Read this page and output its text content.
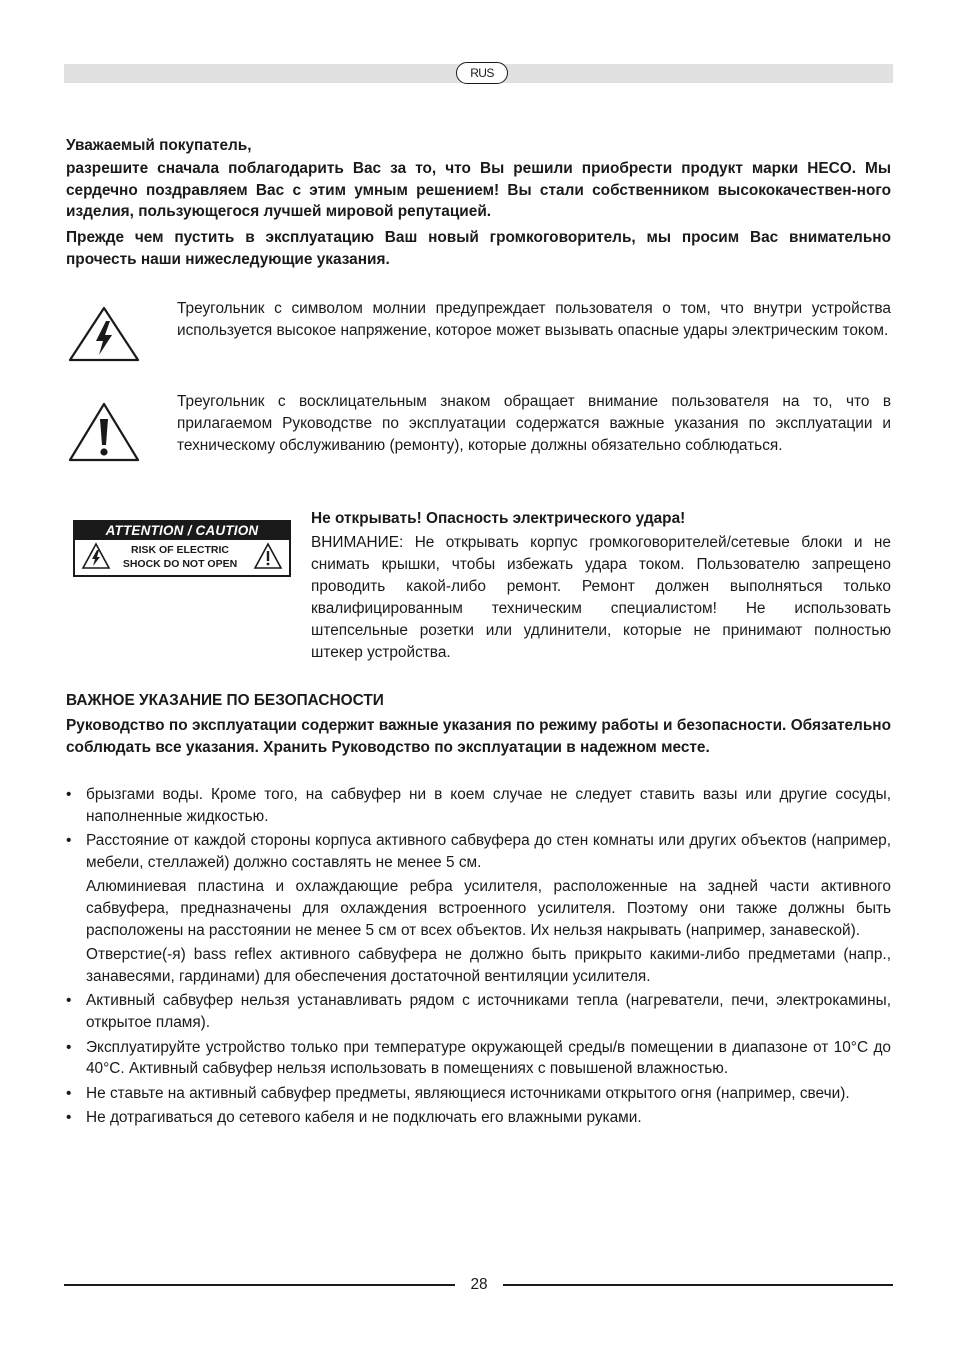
RUS

Уважаемый покупатель,

разрешите сначала поблагодарить Вас за то, что Вы решили приобрести продукт марки HECO. Мы сердечно поздравляем Вас с этим умным решением! Вы стали собственником высококачествен-ного изделия, пользующегося лучшей мировой репутацией.

Прежде чем пустить в эксплуатацию Ваш новый громкоговоритель, мы просим Вас внимательно прочесть наши нижеследующие указания.

Треугольник с символом молнии предупреждает пользователя о том, что внутри устройства используется высокое напряжение, которое может вызывать опасные удары электрическим током.

Треугольник с восклицательным знаком обращает внимание пользователя на то, что в прилагаемом Руководстве по эксплуатации содержатся важные указания по эксплуатации и техническому обслуживанию (ремонту), которые должны обязательно соблюдаться.

ATTENTION / CAUTION
RISK OF ELECTRIC
SHOCK DO NOT OPEN

Не открывать! Опасность электрического удара!

ВНИМАНИЕ: Не открывать корпус громкоговорителей/сетевые блоки и не снимать крышки, чтобы избежать удара током. Пользователю запрещено проводить какой-либо ремонт. Ремонт должен выполняться только квалифицированным техническим специалистом! Не использовать штепсельные розетки или удлинители, которые не принимают полностью штекер устройства.

ВАЖНОЕ УКАЗАНИЕ ПО БЕЗОПАСНОСТИ

Руководство по эксплуатации содержит важные указания по режиму работы и безопасности. Обязательно соблюдать все указания. Хранить Руководство по эксплуатации в надежном месте.

• брызгами воды. Кроме того, на сабвуфер ни в коем случае не следует ставить вазы или другие сосуды, наполненные жидкостью.
• Расстояние от каждой стороны корпуса активного сабвуфера до стен комнаты или других объектов (например, мебели, стеллажей) должно составлять не менее 5 см.

Алюминиевая пластина и охлаждающие ребра усилителя, расположенные на задней части активного сабвуфера, предназначены для охлаждения встроенного усилителя. Поэтому они также должны быть расположены на расстоянии не менее 5 см от всех объектов. Их нельзя накрывать (например, занавеской).

Отверстие(-я) bass reflex активного сабвуфера не должно быть прикрыто какими-либо предметами (напр., занавесями, гардинами) для обеспечения достаточной вентиляции усилителя.

• Активный сабвуфер нельзя устанавливать рядом с источниками тепла (нагреватели, печи, электрокамины, открытое пламя).
• Эксплуатируйте устройство только при температуре окружающей среды/в помещении в диапазоне от 10°C до 40°C. Активный сабвуфер нельзя использовать в помещениях с повышеной влажностью.
• Не ставьте на активный сабвуфер предметы, являющиеся источниками открытого огня (например, свечи).
• Не дотрагиваться до сетевого кабеля и не подключать его влажными руками.
28
